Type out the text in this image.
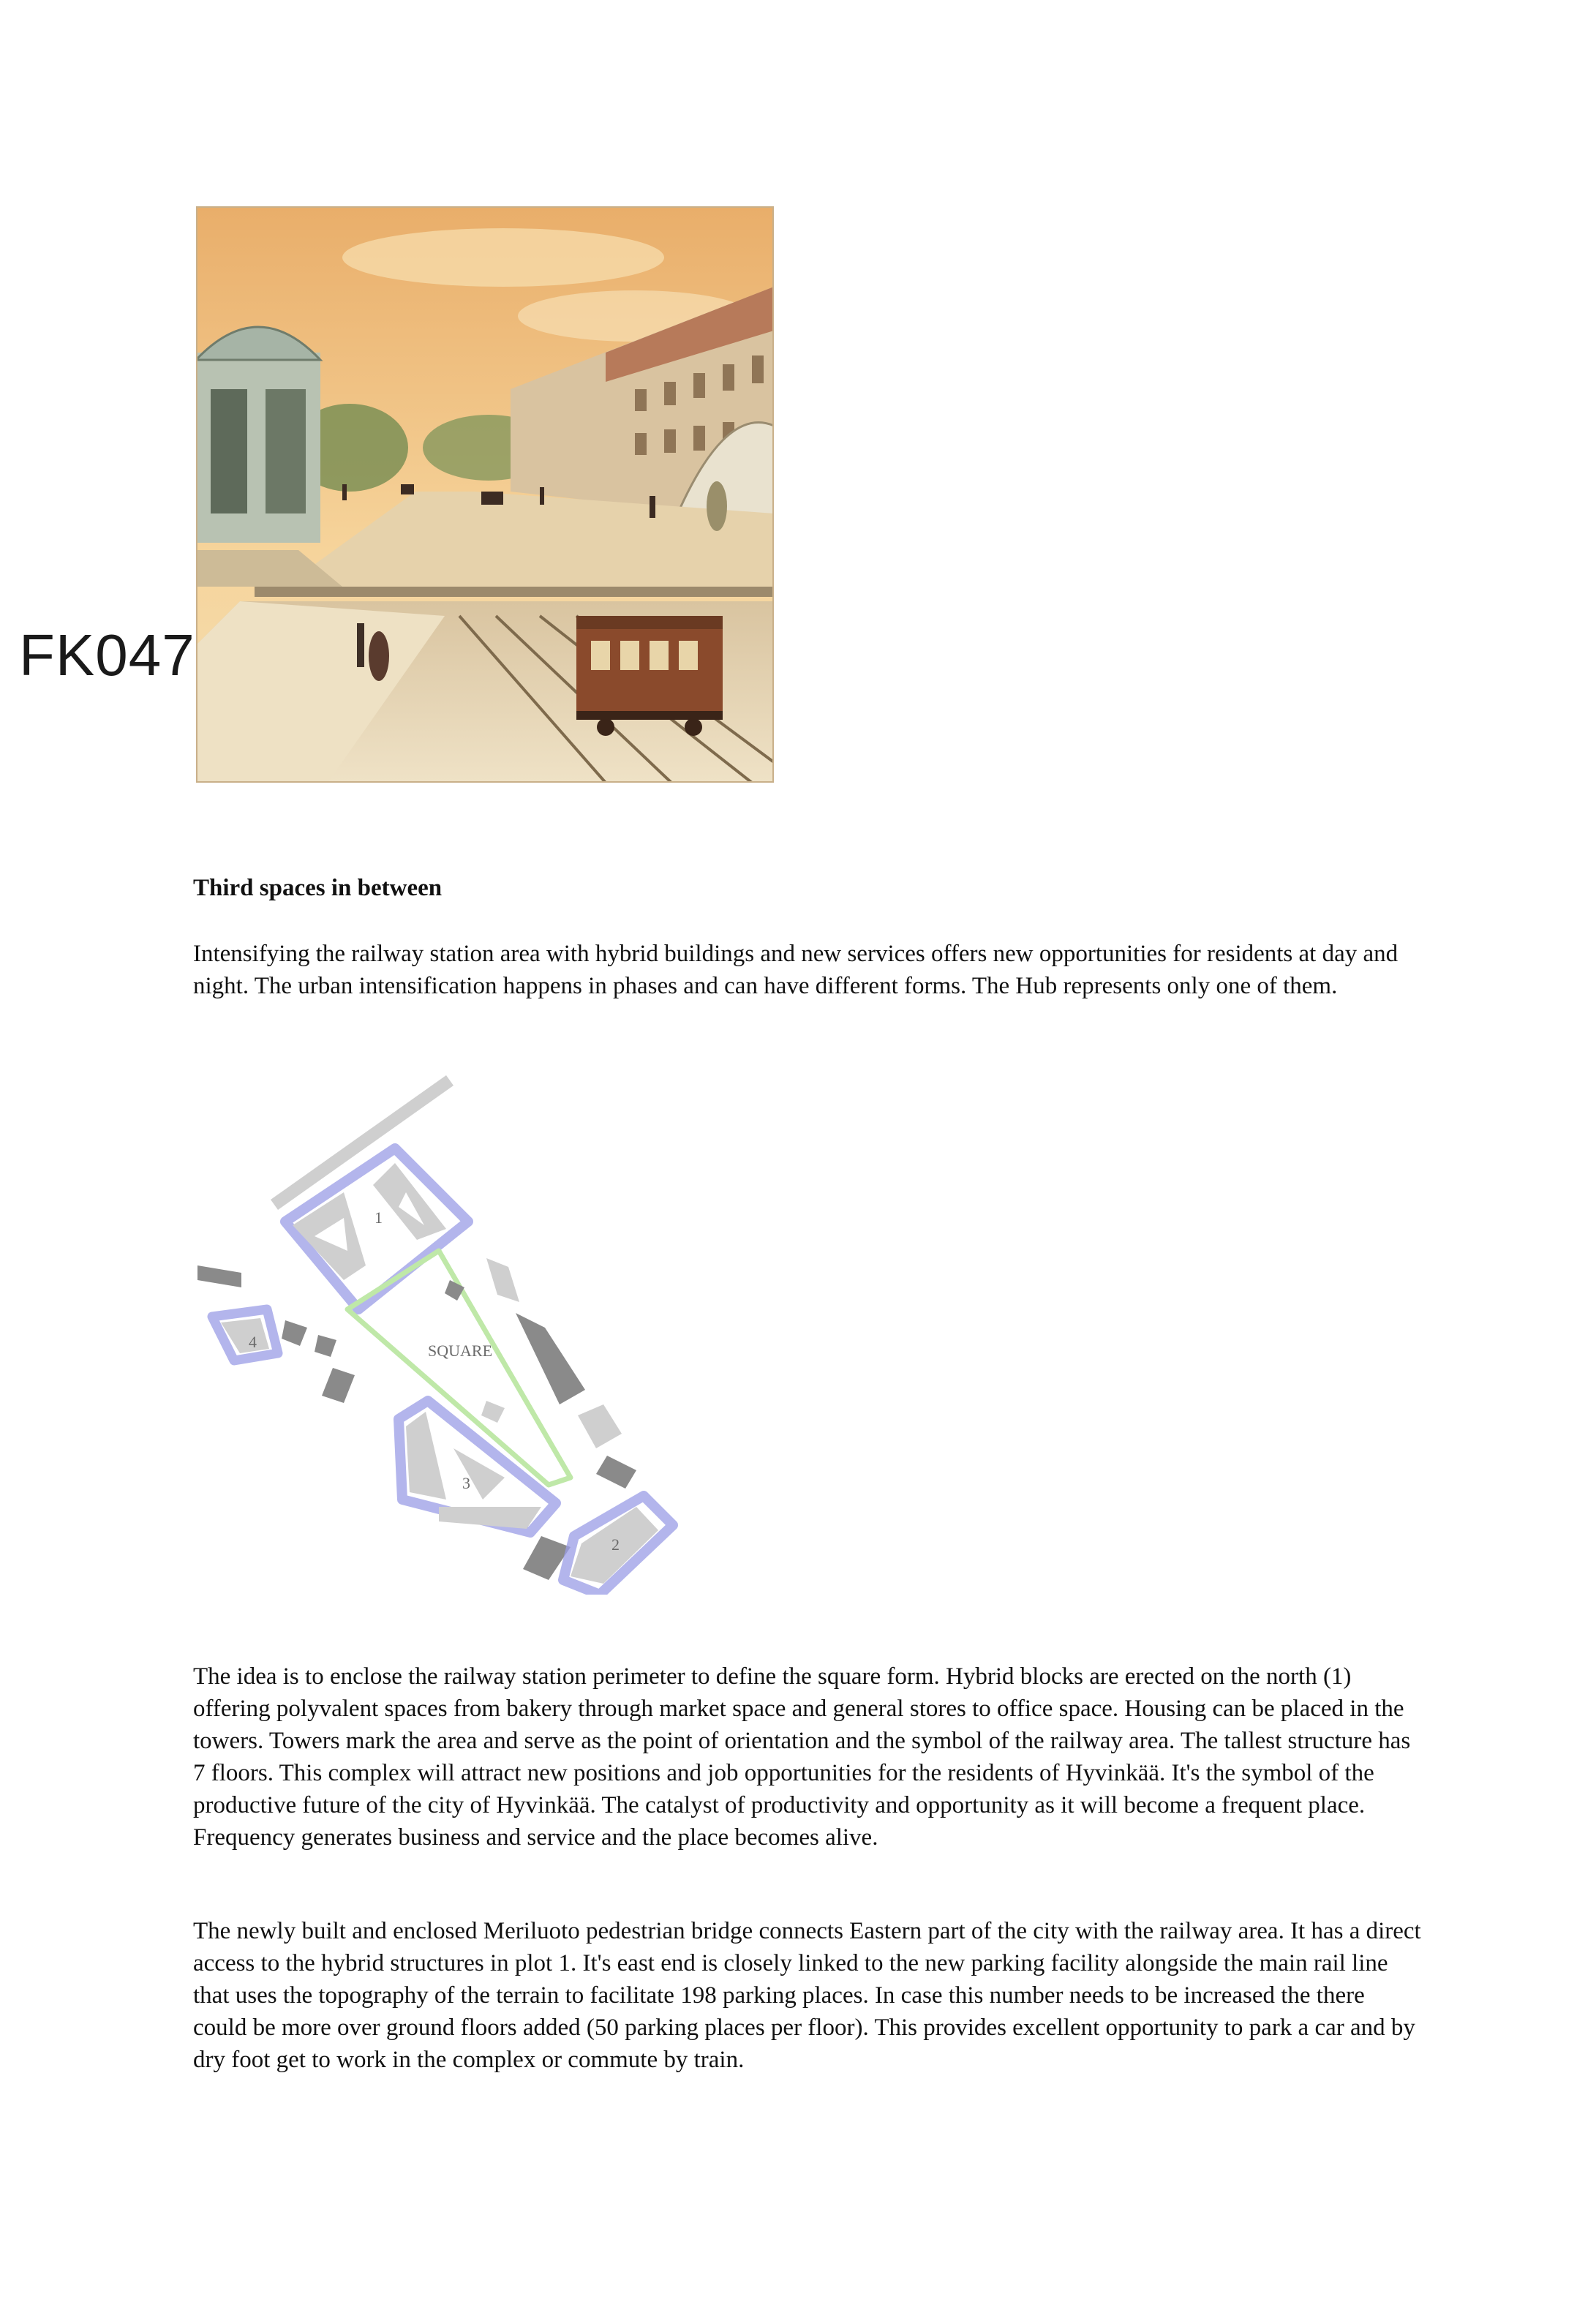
FK047
Third spaces in between

Intensifying the railway station area with hybrid buildings and new services offers new opportunities for residents at day and night. The urban intensification happens in phases and can have different forms. The Hub represents only one of them.

1
SQUARE
4
3
2

The idea is to enclose the railway station perimeter to define the square form. Hybrid blocks are erected on the north (1) offering polyvalent spaces from bakery through market space and general stores to office space. Housing can be placed in the towers. Towers mark the area and serve as the point of orientation and the symbol of the railway area. The tallest structure has 7 floors. This complex will attract new positions and job opportunities for the residents of Hyvinkää. It's the symbol of the productive future of the city of Hyvinkää. The catalyst of productivity and opportunity as it will become a frequent place. Frequency generates business and service and the place becomes alive.

The newly built and enclosed Meriluoto pedestrian bridge connects Eastern part of the city with the railway area. It has a direct access to the hybrid structures in plot 1. It's east end is closely linked to the new parking facility alongside the main rail line that uses the topography of the terrain to facilitate 198 parking places. In case this number needs to be increased the there could be more over ground floors added (50 parking places per floor). This provides excellent opportunity to park a car and by dry foot get to work in the complex or commute by train.
